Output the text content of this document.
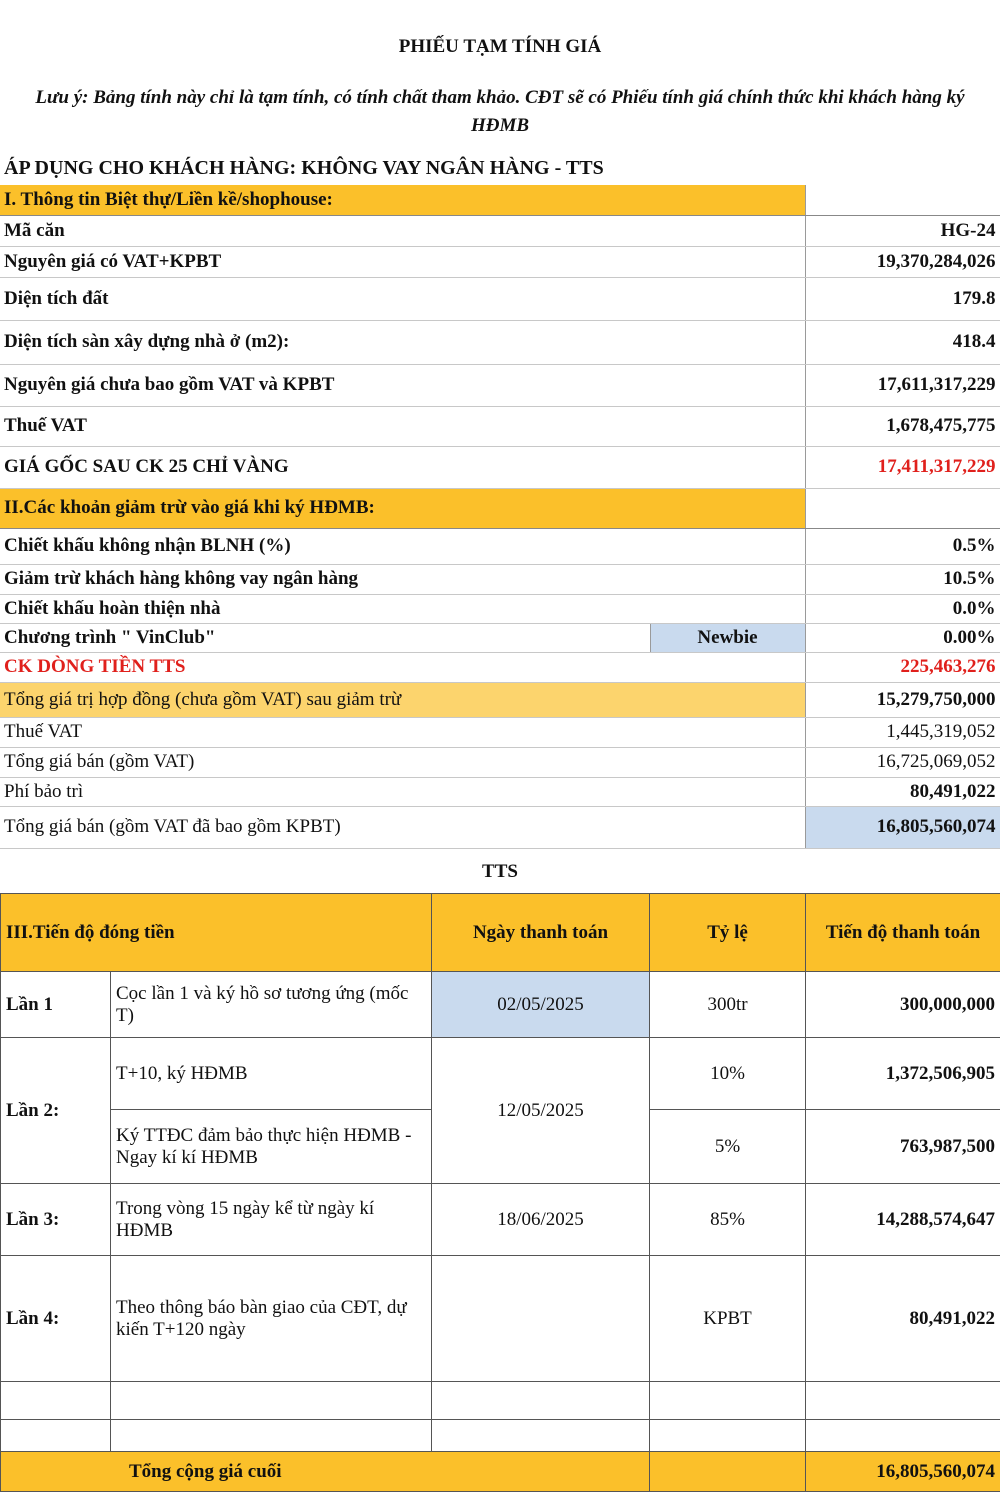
PHIẾU TẠM TÍNH GIÁ
Lưu ý: Bảng tính này chỉ là tạm tính, có tính chất tham khảo. CĐT sẽ có Phiếu tính giá chính thức khi khách hàng ký HĐMB
ÁP DỤNG CHO KHÁCH HÀNG: KHÔNG VAY NGÂN HÀNG - TTS
I. Thông tin Biệt thự/Liền kề/shophouse:		
Mã căn		HG-24
Nguyên giá có VAT+KPBT		19,370,284,026
Diện tích đất		179.8
Diện tích sàn xây dựng nhà ở (m2):		418.4
Nguyên giá chưa bao gồm VAT và KPBT		17,611,317,229
Thuế VAT		1,678,475,775
GIÁ GỐC SAU CK 25 CHỈ VÀNG		17,411,317,229
II.Các khoản giảm trừ vào giá khi ký HĐMB:		
Chiết khấu không nhận BLNH (%)		0.5%
Giảm trừ khách hàng không vay ngân hàng		10.5%
Chiết khấu hoàn thiện nhà		0.0%
Chương trình " VinClub"	Newbie	0.00%
CK DÒNG TIỀN TTS		225,463,276
Tổng giá trị hợp đồng (chưa gồm VAT) sau giảm trừ		15,279,750,000
Thuế VAT		1,445,319,052
Tổng giá bán (gồm VAT)		16,725,069,052
Phí bảo trì		80,491,022
Tổng giá bán (gồm VAT đã bao gồm KPBT)		16,805,560,074
TTS
III.Tiến độ đóng tiền		Ngày thanh toán	Tỷ lệ	Tiến độ thanh toán
Lần 1	Cọc lần 1 và ký hồ sơ tương ứng (mốc T)	02/05/2025	300tr	300,000,000
Lần 2:	T+10, ký HĐMB	12/05/2025	10%	1,372,506,905
	Ký TTĐC đảm bảo thực hiện HĐMB - Ngay kí kí HĐMB		5%	763,987,500
Lần 3:	Trong vòng 15 ngày kể từ ngày kí HĐMB	18/06/2025	85%	14,288,574,647
Lần 4:	Theo thông báo bàn giao của CĐT, dự kiến T+120 ngày		KPBT	80,491,022

Tổng cộng giá cuối				16,805,560,074
